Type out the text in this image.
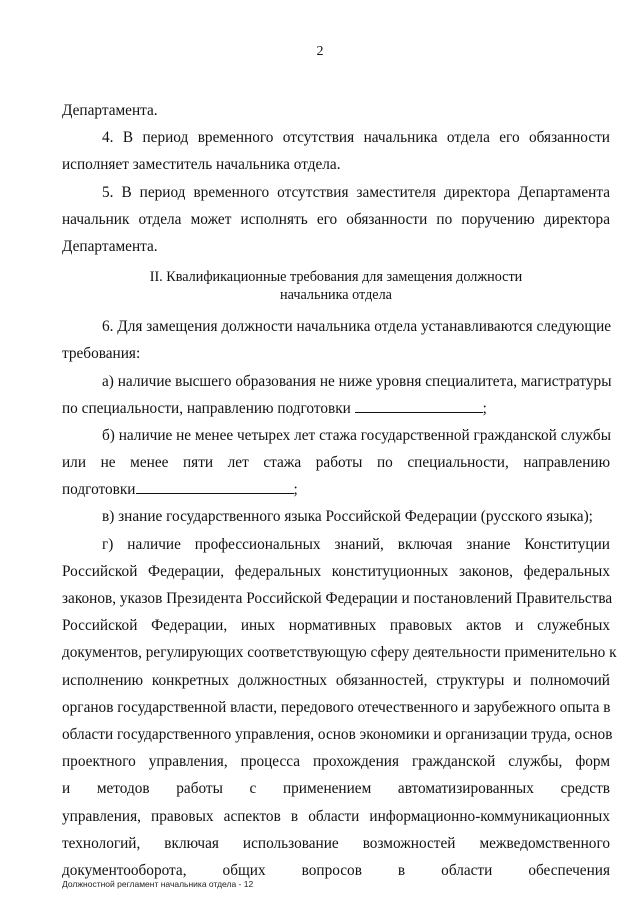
2
Департамента.
4. В период временного отсутствия начальника отдела его обязанности
исполняет заместитель начальника отдела.
5. В период временного отсутствия заместителя директора Департамента
начальник отдела может исполнять его обязанности по поручению директора
Департамента.
II. Квалификационные требования для замещения должности
начальника отдела
6. Для замещения должности начальника отдела устанавливаются следующие
требования:
а) наличие высшего образования не ниже уровня специалитета, магистратуры
по специальности, направлению подготовки	;
б) наличие не менее четырех лет стажа государственной гражданской службы
или не менее пяти лет стажа работы по специальности, направлению
подготовки	;
в) знание государственного языка Российской Федерации (русского языка);
г) наличие профессиональных знаний, включая знание Конституции
Российской Федерации, федеральных конституционных законов, федеральных
законов, указов Президента Российской Федерации и постановлений Правительства
Российской Федерации, иных нормативных правовых актов и служебных
документов, регулирующих соответствующую сферу деятельности применительно к
исполнению конкретных должностных обязанностей, структуры и полномочий
органов государственной власти, передового отечественного и зарубежного опыта в
области государственного управления, основ экономики и организации труда, основ
проектного управления, процесса прохождения гражданской службы, форм
и методов работы с применением автоматизированных средств
управления, правовых аспектов в области информационно-коммуникационных
технологий, включая использование возможностей межведомственного
документооборота, общих вопросов в области обеспечения
Должностной регламент начальника отдела - 12
